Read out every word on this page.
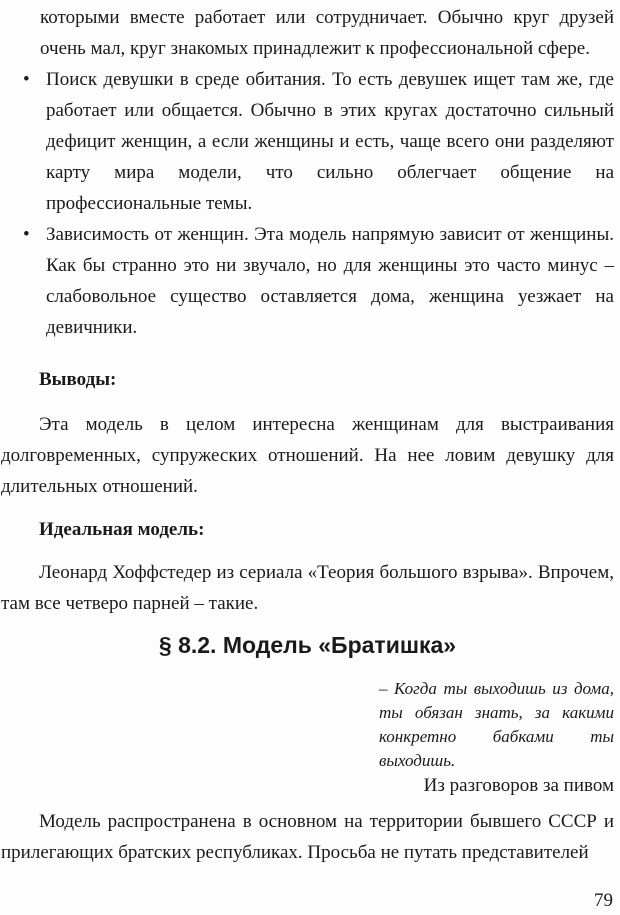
которыми вместе работает или сотрудничает. Обычно круг друзей очень мал, круг знакомых принадлежит к профессиональной сфере.

• Поиск девушки в среде обитания. То есть девушек ищет там же, где работает или общается. Обычно в этих кругах достаточно сильный дефицит женщин, а если женщины и есть, чаще всего они разделяют карту мира модели, что сильно облегчает общение на профессиональные темы.
• Зависимость от женщин. Эта модель напрямую зависит от женщины. Как бы странно это ни звучало, но для женщины это часто минус – слабовольное существо оставляется дома, женщина уезжает на девичники.

Выводы:

Эта модель в целом интересна женщинам для выстраивания долговременных, супружеских отношений. На нее ловим девушку для длительных отношений.

Идеальная модель:

Леонард Хоффстедер из сериала «Теория большого взрыва». Впрочем, там все четверо парней – такие.

§ 8.2. Модель «Братишка»

– Когда ты выходишь из дома, ты обязан знать, за какими конкретно бабками ты выходишь.

Из разговоров за пивом

Модель распространена в основном на территории бывшего СССР и прилегающих братских республиках. Просьба не путать представителей

79
